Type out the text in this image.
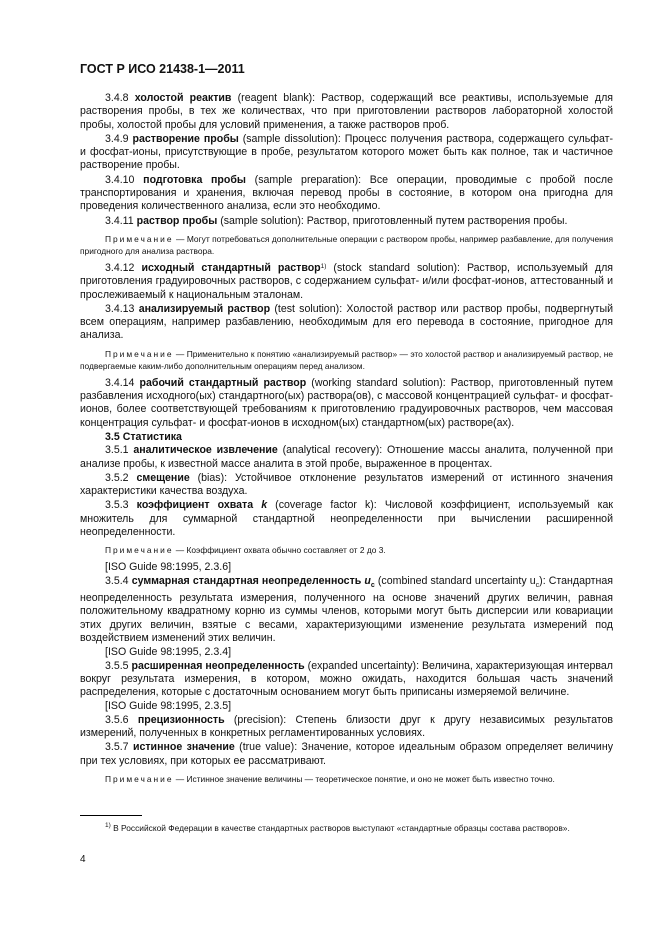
ГОСТ Р ИСО 21438-1—2011

3.4.8 холостой реактив (reagent blank): Раствор, содержащий все реактивы, используемые для растворения пробы, в тех же количествах, что при приготовлении растворов лабораторной холостой пробы, холостой пробы для условий применения, а также растворов проб.

3.4.9 растворение пробы (sample dissolution): Процесс получения раствора, содержащего сульфат- и фосфат-ионы, присутствующие в пробе, результатом которого может быть как полное, так и частичное растворение пробы.

3.4.10 подготовка пробы (sample preparation): Все операции, проводимые с пробой после транспортирования и хранения, включая перевод пробы в состояние, в котором она пригодна для проведения количественного анализа, если это необходимо.

3.4.11 раствор пробы (sample solution): Раствор, приготовленный путем растворения пробы.

Примечание — Могут потребоваться дополнительные операции с раствором пробы, например разбавление, для получения пригодного для анализа раствора.

3.4.12 исходный стандартный раствор$^{1)}$ (stock standard solution): Раствор, используемый для приготовления градуировочных растворов, с содержанием сульфат- и/или фосфат-ионов, аттестованный и прослеживаемый к национальным эталонам.

3.4.13 анализируемый раствор (test solution): Холостой раствор или раствор пробы, подвергнутый всем операциям, например разбавлению, необходимым для его перевода в состояние, пригодное для анализа.

Примечание — Применительно к понятию «анализируемый раствор» — это холостой раствор и анализируемый раствор, не подвергаемые каким-либо дополнительным операциям перед анализом.

3.4.14 рабочий стандартный раствор (working standard solution): Раствор, приготовленный путем разбавления исходного(ых) стандартного(ых) раствора(ов), с массовой концентрацией сульфат- и фосфат-ионов, более соответствующей требованиям к приготовлению градуировочных растворов, чем массовая концентрация сульфат- и фосфат-ионов в исходном(ых) стандартном(ых) растворе(ах).

3.5 Статистика

3.5.1 аналитическое извлечение (analytical recovery): Отношение массы аналита, полученной при анализе пробы, к известной массе аналита в этой пробе, выраженное в процентах.

3.5.2 смещение (bias): Устойчивое отклонение результатов измерений от истинного значения характеристики качества воздуха.

3.5.3 коэффициент охвата k (coverage factor k): Числовой коэффициент, используемый как множитель для суммарной стандартной неопределенности при вычислении расширенной неопределенности.

Примечание — Коэффициент охвата обычно составляет от 2 до 3.

[ISO Guide 98:1995, 2.3.6]

3.5.4 суммарная стандартная неопределенность $u_c$ (combined standard uncertainty $u_c$): Стандартная неопределенность результата измерения, полученного на основе значений других величин, равная положительному квадратному корню из суммы членов, которыми могут быть дисперсии или ковариации этих других величин, взятые с весами, характеризующими изменение результата измерений под воздействием изменений этих величин.

[ISO Guide 98:1995, 2.3.4]

3.5.5 расширенная неопределенность (expanded uncertainty): Величина, характеризующая интервал вокруг результата измерения, в котором, можно ожидать, находится большая часть значений распределения, которые с достаточным основанием могут быть приписаны измеряемой величине.

[ISO Guide 98:1995, 2.3.5]

3.5.6 прецизионность (precision): Степень близости друг к другу независимых результатов измерений, полученных в конкретных регламентированных условиях.

3.5.7 истинное значение (true value): Значение, которое идеальным образом определяет величину при тех условиях, при которых ее рассматривают.

Примечание — Истинное значение величины — теоретическое понятие, и оно не может быть известно точно.

$^{1)}$ В Российской Федерации в качестве стандартных растворов выступают «стандартные образцы состава растворов».

4
